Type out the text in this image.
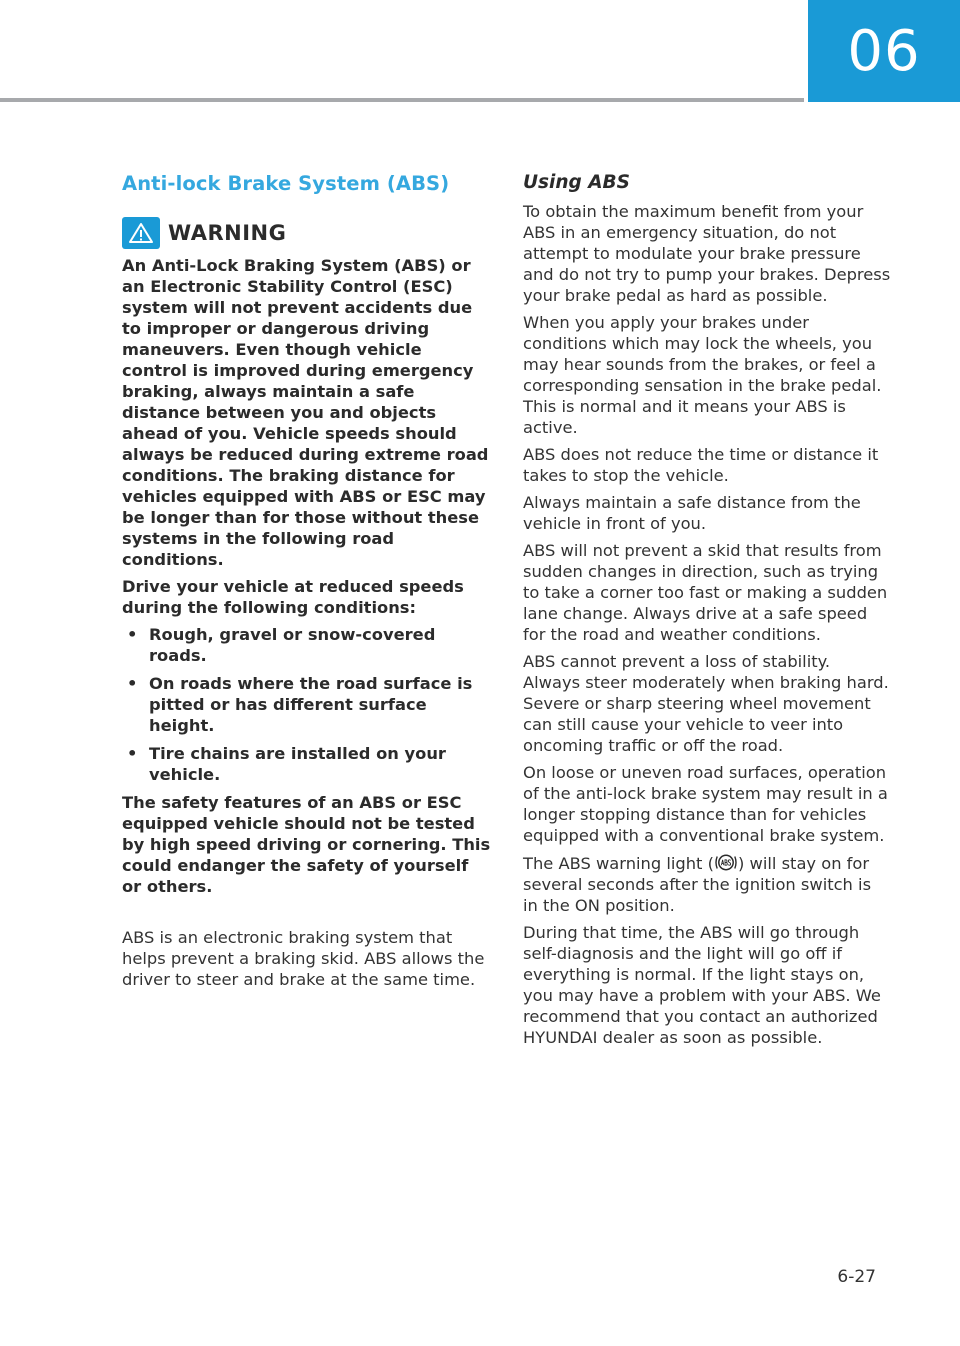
06
Anti-lock Brake System (ABS)
WARNING

An Anti-Lock Braking System (ABS) or an Electronic Stability Control (ESC) system will not prevent accidents due to improper or dangerous driving maneuvers. Even though vehicle control is improved during emergency braking, always maintain a safe distance between you and objects ahead of you. Vehicle speeds should always be reduced during extreme road conditions. The braking distance for vehicles equipped with ABS or ESC may be longer than for those without these systems in the following road conditions.

Drive your vehicle at reduced speeds during the following conditions:

• Rough, gravel or snow-covered roads.
• On roads where the road surface is pitted or has different surface height.
• Tire chains are installed on your vehicle.

The safety features of an ABS or ESC equipped vehicle should not be tested by high speed driving or cornering. This could endanger the safety of yourself or others.

ABS is an electronic braking system that helps prevent a braking skid. ABS allows the driver to steer and brake at the same time.

Using ABS

To obtain the maximum benefit from your ABS in an emergency situation, do not attempt to modulate your brake pressure and do not try to pump your brakes. Depress your brake pedal as hard as possible.

When you apply your brakes under conditions which may lock the wheels, you may hear sounds from the brakes, or feel a corresponding sensation in the brake pedal. This is normal and it means your ABS is active.

ABS does not reduce the time or distance it takes to stop the vehicle.

Always maintain a safe distance from the vehicle in front of you.

ABS will not prevent a skid that results from sudden changes in direction, such as trying to take a corner too fast or making a sudden lane change. Always drive at a safe speed for the road and weather conditions.

ABS cannot prevent a loss of stability. Always steer moderately when braking hard. Severe or sharp steering wheel movement can still cause your vehicle to veer into oncoming traffic or off the road.

On loose or uneven road surfaces, operation of the anti-lock brake system may result in a longer stopping distance than for vehicles equipped with a conventional brake system.

The ABS warning light ( ) will stay on for several seconds after the ignition switch is in the ON position.

During that time, the ABS will go through self-diagnosis and the light will go off if everything is normal. If the light stays on, you may have a problem with your ABS. We recommend that you contact an authorized HYUNDAI dealer as soon as possible.

6-27
